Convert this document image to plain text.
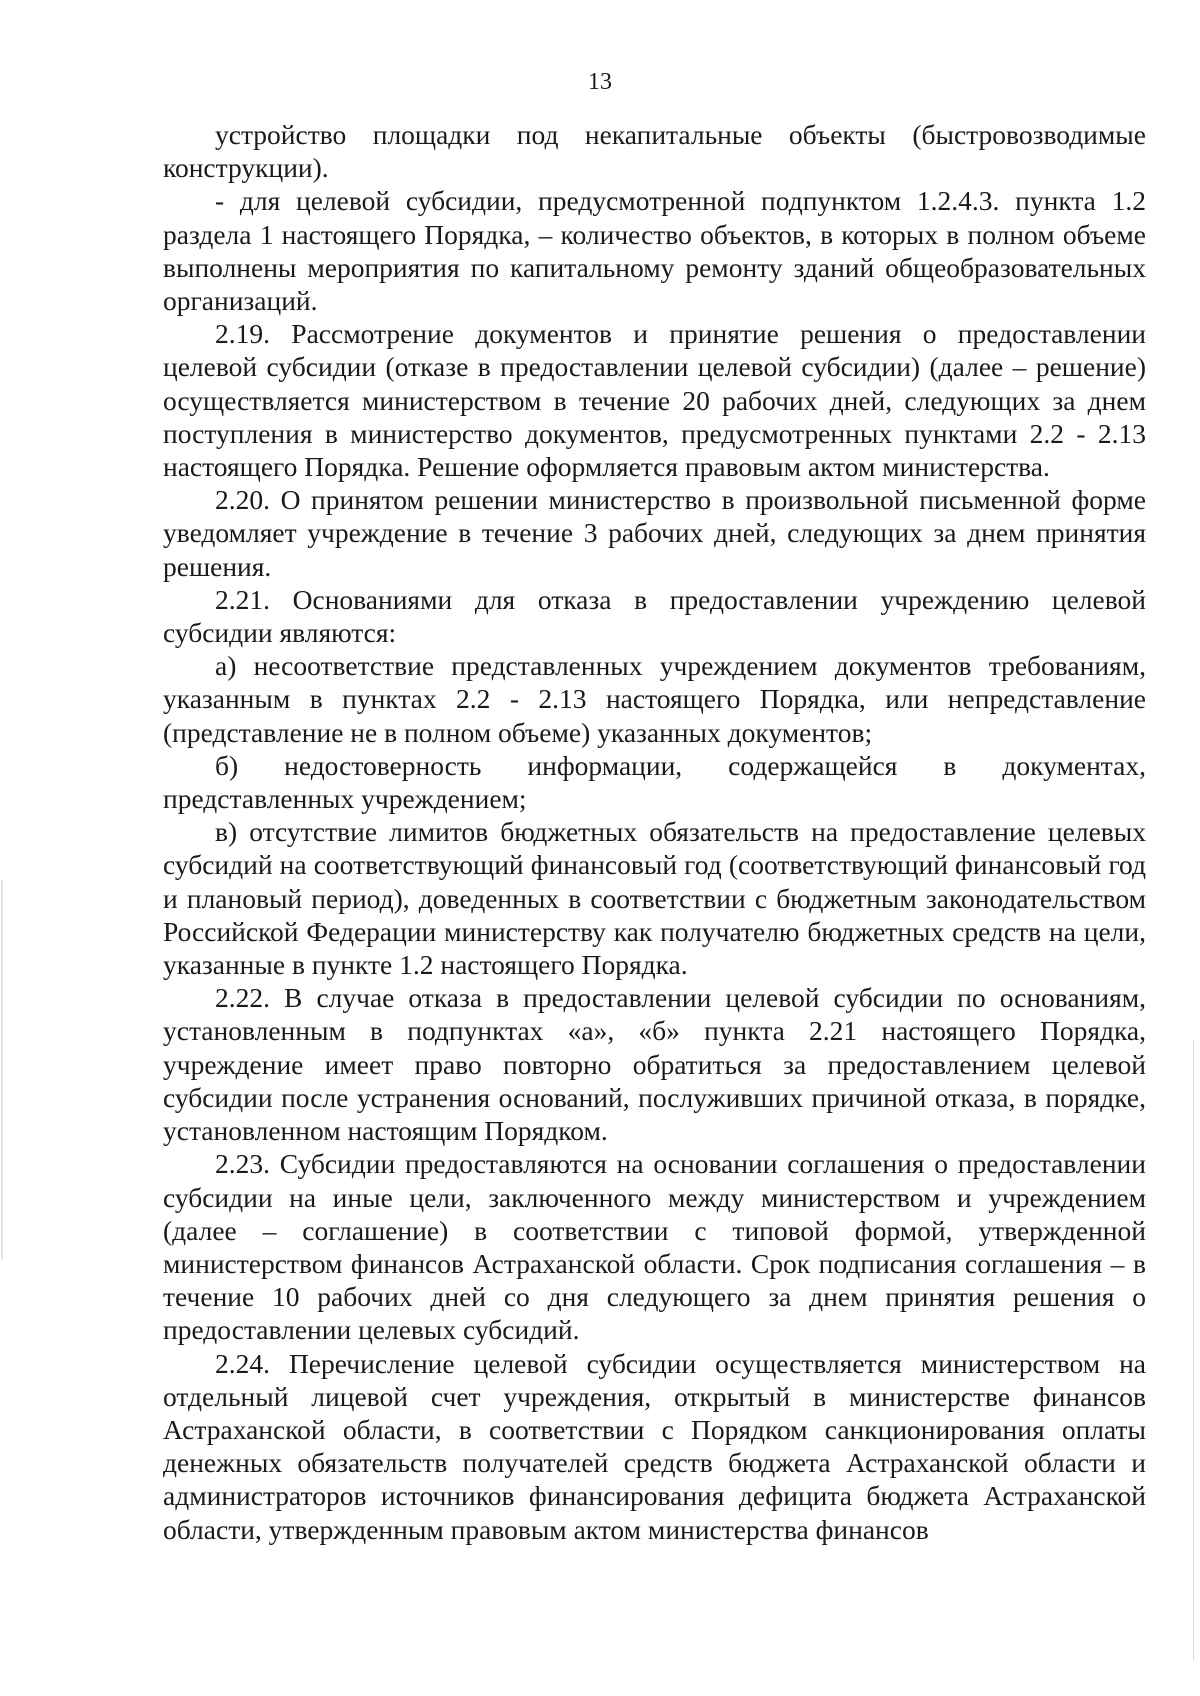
13

устройство площадки под некапитальные объекты (быстровозводимые конструкции).

- для целевой субсидии, предусмотренной подпунктом 1.2.4.3. пункта 1.2 раздела 1 настоящего Порядка, – количество объектов, в которых в полном объеме выполнены мероприятия по капитальному ремонту зданий общеобразовательных организаций.

2.19. Рассмотрение документов и принятие решения о предоставлении целевой субсидии (отказе в предоставлении целевой субсидии) (далее – решение) осуществляется министерством в течение 20 рабочих дней, следующих за днем поступления в министерство документов, предусмотренных пунктами 2.2 - 2.13 настоящего Порядка. Решение оформляется правовым актом министерства.

2.20. О принятом решении министерство в произвольной письменной форме уведомляет учреждение в течение 3 рабочих дней, следующих за днем принятия решения.

2.21. Основаниями для отказа в предоставлении учреждению целевой субсидии являются:

а) несоответствие представленных учреждением документов требованиям, указанным в пунктах 2.2 - 2.13 настоящего Порядка, или непредставление (представление не в полном объеме) указанных документов;

б) недостоверность информации, содержащейся в документах, представленных учреждением;

в) отсутствие лимитов бюджетных обязательств на предоставление целевых субсидий на соответствующий финансовый год (соответствующий финансовый год и плановый период), доведенных в соответствии с бюджетным законодательством Российской Федерации министерству как получателю бюджетных средств на цели, указанные в пункте 1.2 настоящего Порядка.

2.22. В случае отказа в предоставлении целевой субсидии по основаниям, установленным в подпунктах «а», «б» пункта 2.21 настоящего Порядка, учреждение имеет право повторно обратиться за предоставлением целевой субсидии после устранения оснований, послуживших причиной отказа, в порядке, установленном настоящим Порядком.

2.23. Субсидии предоставляются на основании соглашения о предоставлении субсидии на иные цели, заключенного между министерством и учреждением (далее – соглашение) в соответствии с типовой формой, утвержденной министерством финансов Астраханской области. Срок подписания соглашения – в течение 10 рабочих дней со дня следующего за днем принятия решения о предоставлении целевых субсидий.

2.24. Перечисление целевой субсидии осуществляется министерством на отдельный лицевой счет учреждения, открытый в министерстве финансов Астраханской области, в соответствии с Порядком санкционирования оплаты денежных обязательств получателей средств бюджета Астраханской области и администраторов источников финансирования дефицита бюджета Астраханской области, утвержденным правовым актом министерства финансов
